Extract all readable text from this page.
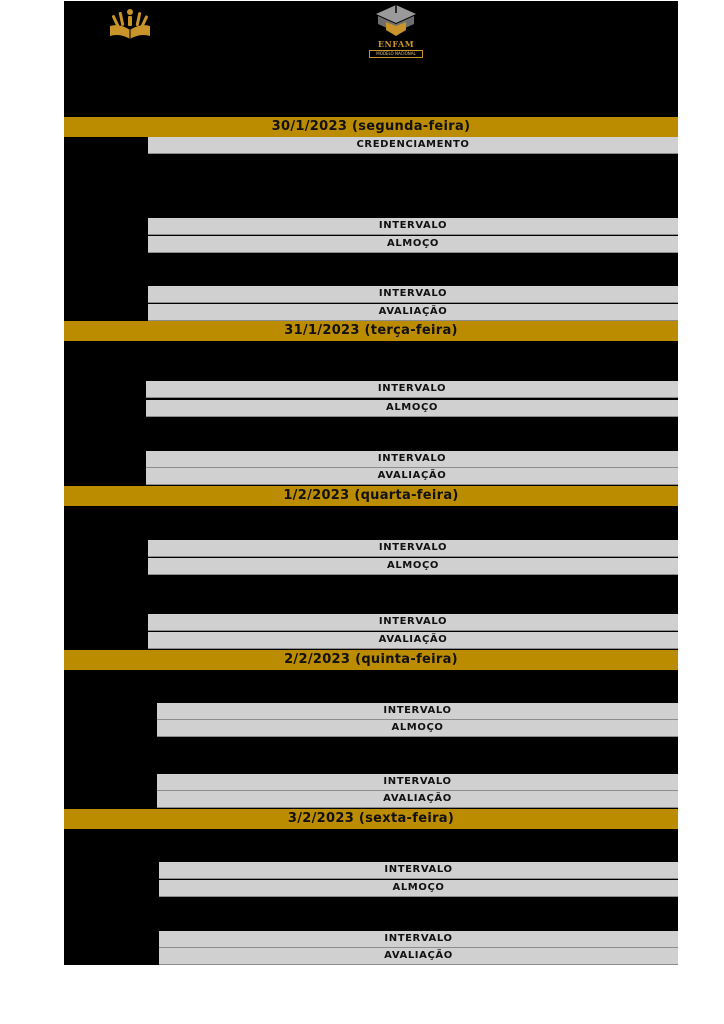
ENFAM
MODELO NACIONAL
30/1/2023 (segunda-feira)
CREDENCIAMENTO
INTERVALO
ALMOÇO
INTERVALO
AVALIAÇÃO
31/1/2023 (terça-feira)
INTERVALO
ALMOÇO
INTERVALO
AVALIAÇÃO
1/2/2023 (quarta-feira)
INTERVALO
ALMOÇO
INTERVALO
AVALIAÇÃO
2/2/2023 (quinta-feira)
INTERVALO
ALMOÇO
INTERVALO
AVALIAÇÃO
3/2/2023 (sexta-feira)
INTERVALO
ALMOÇO
INTERVALO
AVALIAÇÃO
